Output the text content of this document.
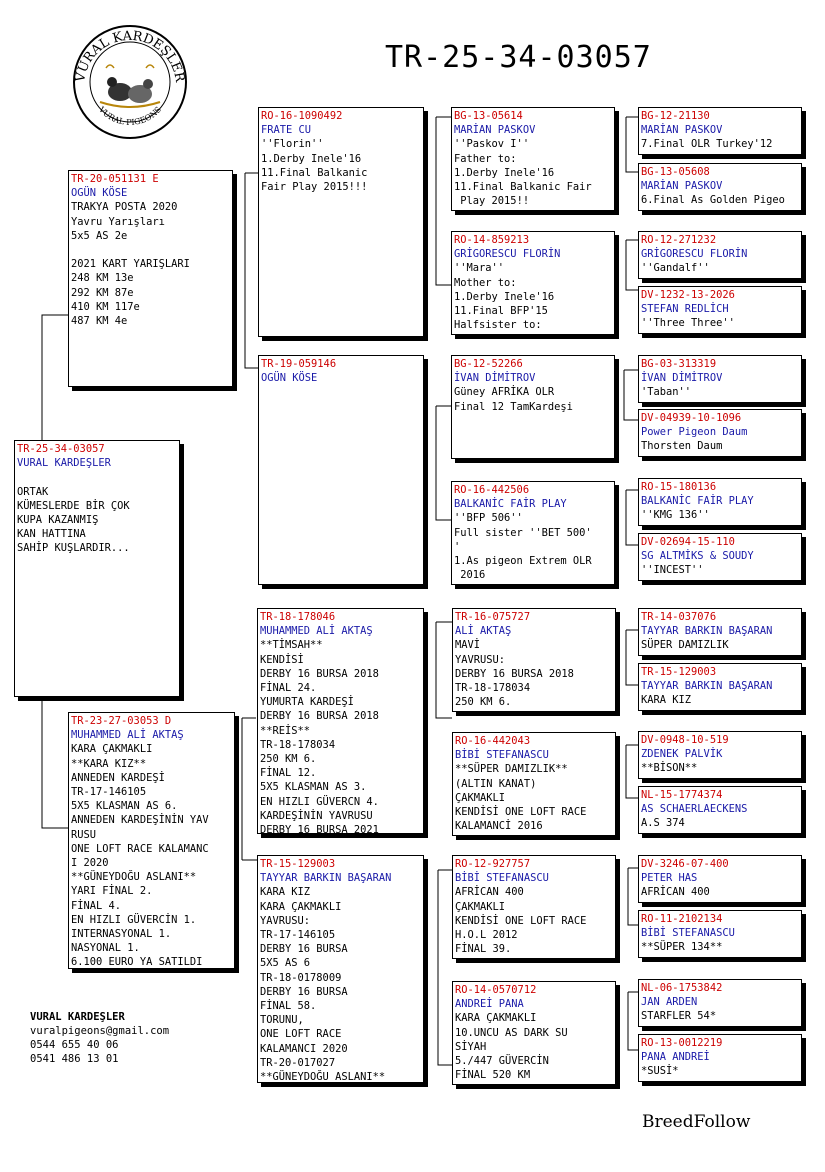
VURAL KARDEŞLER
VURAL PIGEONS
TR-25-34-03057
TR-25-34-03057
VURAL KARDEŞLER
ORTAK
KÜMESLERDE BİR ÇOK
KUPA KAZANMIŞ
KAN HATTINA
SAHİP KUŞLARDIR...
TR-20-051131 E
OGÜN KÖSE
TRAKYA POSTA 2020
Yavru Yarışları
5x5 AS 2e
2021 KART YARIŞLARI
248 KM 13e
292 KM 87e
410 KM 117e
487 KM 4e
TR-23-27-03053 D
MUHAMMED ALİ AKTAŞ
KARA ÇAKMAKLI
**KARA KIZ**
ANNEDEN KARDEŞİ
TR-17-146105
5X5 KLASMAN AS 6.
ANNEDEN KARDEŞİNİN YAV
RUSU
ONE LOFT RACE KALAMANC
I 2020
**GÜNEYDOĞU ASLANI**
YARI FİNAL 2.
FİNAL 4.
EN HIZLI GÜVERCİN 1.
INTERNASYONAL 1.
NASYONAL 1.
6.100 EURO YA SATILDI
RO-16-1090492
FRATE CU
''Florin''
1.Derby Inele'16
11.Final Balkanic
Fair Play 2015!!!
TR-19-059146
OGÜN KÖSE
TR-18-178046
MUHAMMED ALİ AKTAŞ
**TİMSAH**
KENDİSİ
DERBY 16 BURSA 2018
FİNAL 24.
YUMURTA KARDEŞİ
DERBY 16 BURSA 2018
**REİS**
TR-18-178034
250 KM 6.
FİNAL 12.
5X5 KLASMAN AS 3.
EN HIZLI GÜVERCN 4.
KARDEŞİNİN YAVRUSU
DERBY 16 BURSA 2021
TR-15-129003
TAYYAR BARKIN BAŞARAN
KARA KIZ
KARA ÇAKMAKLI
YAVRUSU:
TR-17-146105
DERBY 16 BURSA
5X5 AS 6
TR-18-0178009
DERBY 16 BURSA
FİNAL 58.
TORUNU,
ONE LOFT RACE
KALAMANCI 2020
TR-20-017027
**GÜNEYDOĞU ASLANI**
BG-13-05614
MARİAN PASKOV
''Paskov I''
Father to:
1.Derby Inele'16
11.Final Balkanic Fair
Play 2015!!
RO-14-859213
GRİGORESCU FLORİN
''Mara''
Mother to:
1.Derby Inele'16
11.Final BFP'15
Halfsister to:
BG-12-52266
İVAN DİMİTROV
Güney AFRİKA OLR
Final 12 TamKardeşi
RO-16-442506
BALKANİC FAİR PLAY
''BFP 506''
Full sister ''BET 500'
'
1.As pigeon Extrem OLR
2016
TR-16-075727
ALİ AKTAŞ
MAVİ
YAVRUSU:
DERBY 16 BURSA 2018
TR-18-178034
250 KM 6.
RO-16-442043
BİBİ STEFANASCU
**SÜPER DAMIZLIK**
(ALTIN KANAT)
ÇAKMAKLI
KENDİSİ ONE LOFT RACE
KALAMANCİ 2016
RO-12-927757
BİBİ STEFANASCU
AFRİCAN 400
ÇAKMAKLI
KENDİSİ ONE LOFT RACE
H.O.L 2012
FİNAL 39.
RO-14-0570712
ANDREİ PANA
KARA ÇAKMAKLI
10.UNCU AS DARK SU
SİYAH
5./447 GÜVERCİN
FİNAL 520 KM
BG-12-21130
MARİAN PASKOV
7.Final OLR Turkey'12
BG-13-05608
MARİAN PASKOV
6.Final As Golden Pigeo
RO-12-271232
GRİGORESCU FLORİN
''Gandalf''
DV-1232-13-2026
STEFAN REDLİCH
''Three Three''
BG-03-313319
İVAN DİMİTROV
'Taban''
DV-04939-10-1096
Power Pigeon Daum
Thorsten Daum
RO-15-180136
BALKANİC FAİR PLAY
''KMG 136''
DV-02694-15-110
SG ALTMİKS & SOUDY
''INCEST''
TR-14-037076
TAYYAR BARKIN BAŞARAN
SÜPER DAMIZLIK
TR-15-129003
TAYYAR BARKIN BAŞARAN
KARA KIZ
DV-0948-10-519
ZDENEK PALVİK
**BİSON**
NL-15-1774374
AS SCHAERLAECKENS
A.S 374
DV-3246-07-400
PETER HAS
AFRİCAN 400
RO-11-2102134
BİBİ STEFANASCU
**SÜPER 134**
NL-06-1753842
JAN ARDEN
STARFLER 54*
RO-13-0012219
PANA ANDREİ
*SUSİ*
VURAL KARDEŞLER
vuralpigeons@gmail.com
0544 655 40 06
0541 486 13 01
BreedFollow
